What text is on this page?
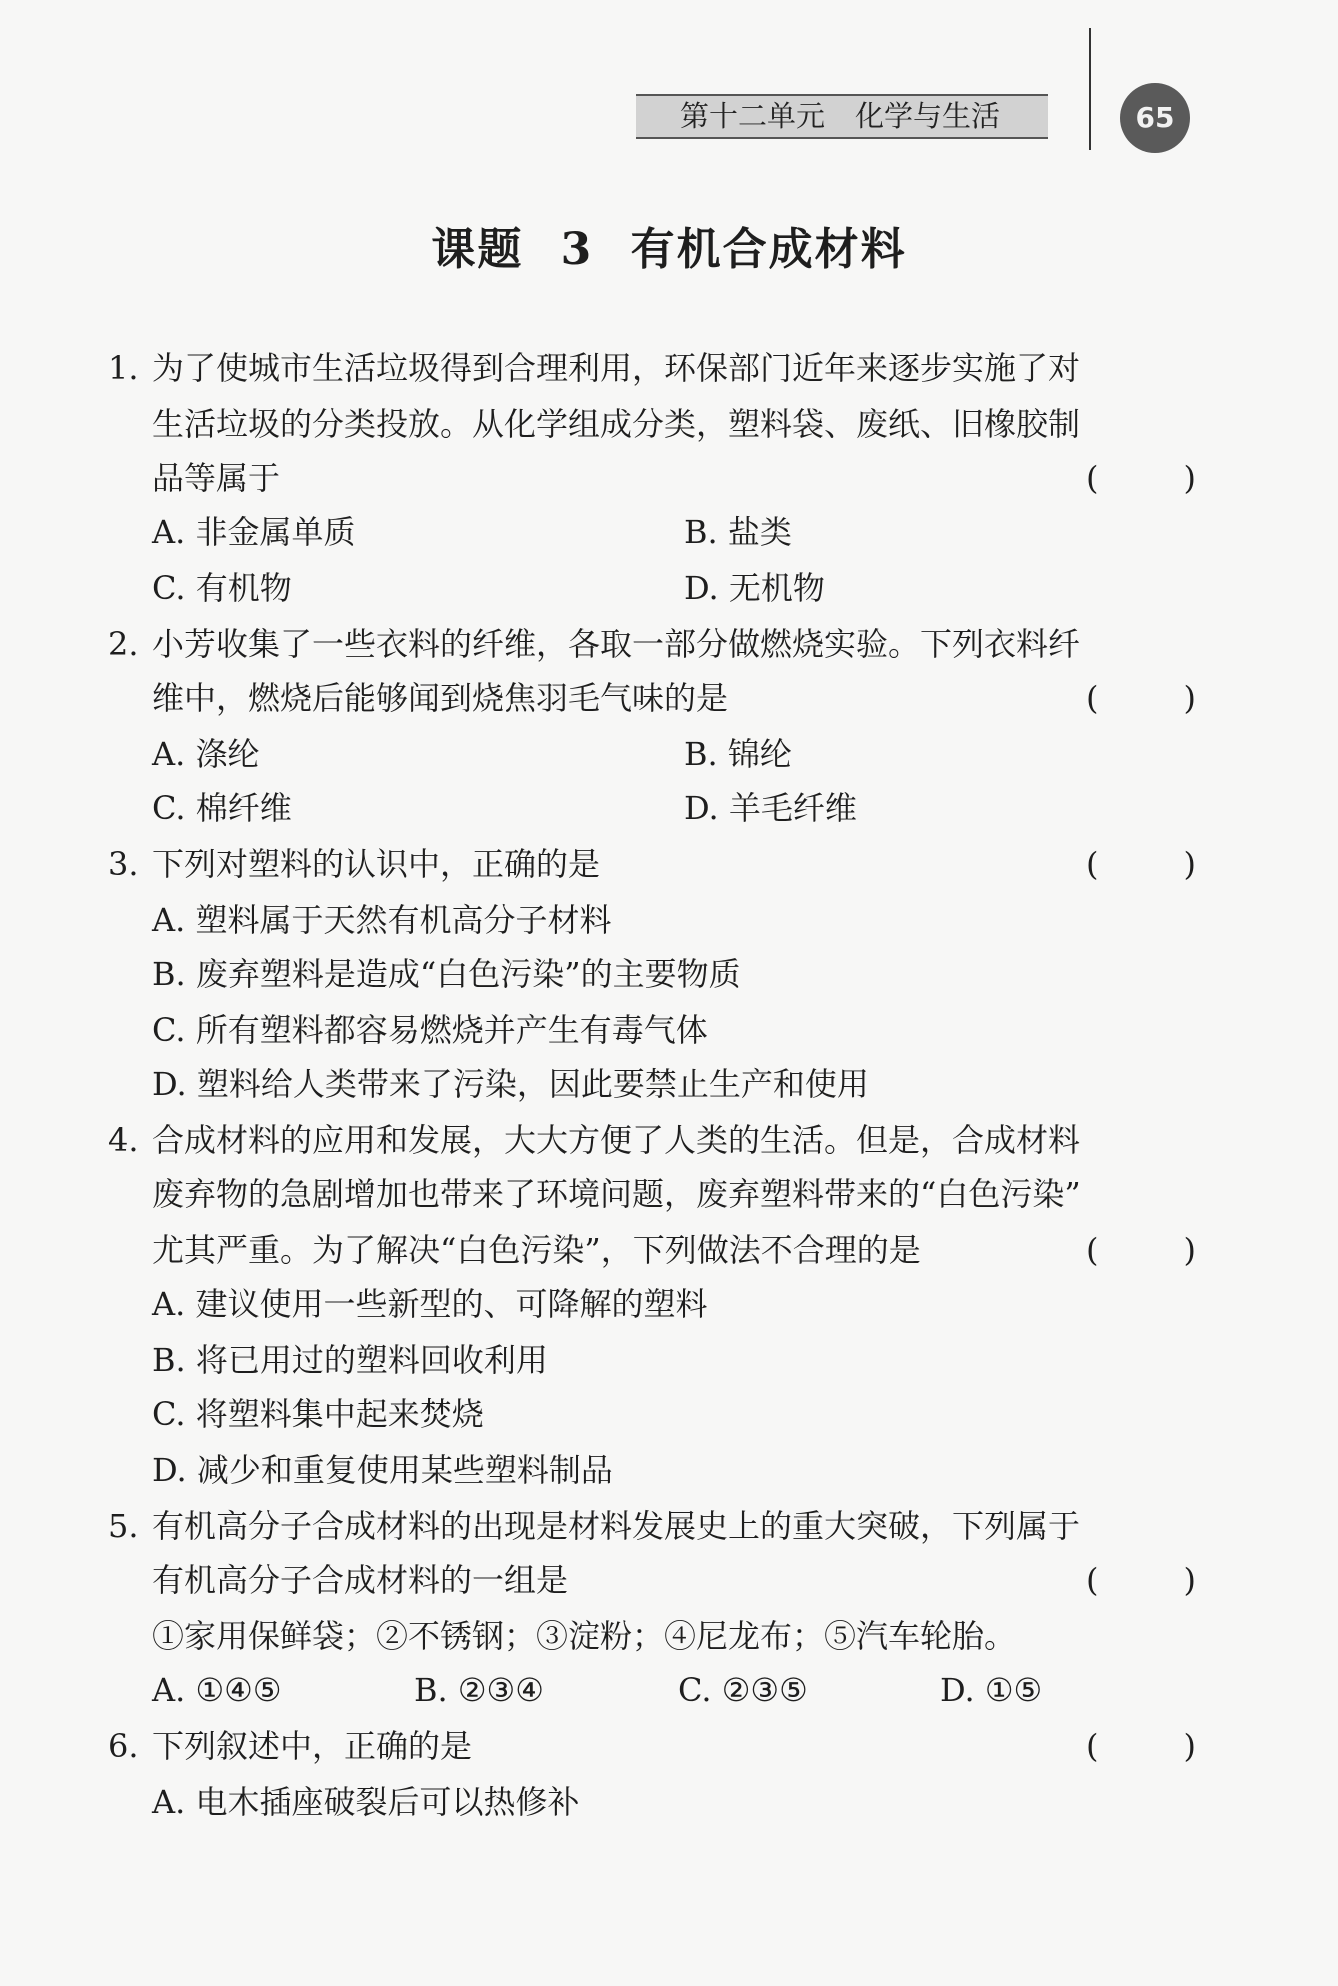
第十二单元 化学与生活	65
课题 3 有机合成材料
1. 为了使城市生活垃圾得到合理利用，环保部门近年来逐步实施了对
生活垃圾的分类投放。从化学组成分类，塑料袋、废纸、旧橡胶制
品等属于	(	)
A. 非金属单质	B. 盐类
C. 有机物	D. 无机物
2. 小芳收集了一些衣料的纤维，各取一部分做燃烧实验。下列衣料纤
维中，燃烧后能够闻到烧焦羽毛气味的是	(	)
A. 涤纶	B. 锦纶
C. 棉纤维	D. 羊毛纤维
3. 下列对塑料的认识中，正确的是	(	)
A. 塑料属于天然有机高分子材料
B. 废弃塑料是造成“白色污染”的主要物质
C. 所有塑料都容易燃烧并产生有毒气体
D. 塑料给人类带来了污染，因此要禁止生产和使用
4. 合成材料的应用和发展，大大方便了人类的生活。但是，合成材料
废弃物的急剧增加也带来了环境问题，废弃塑料带来的“白色污染”
尤其严重。为了解决“白色污染”，下列做法不合理的是	(	)
A. 建议使用一些新型的、可降解的塑料
B. 将已用过的塑料回收利用
C. 将塑料集中起来焚烧
D. 减少和重复使用某些塑料制品
5. 有机高分子合成材料的出现是材料发展史上的重大突破，下列属于
有机高分子合成材料的一组是	(	)
①家用保鲜袋；②不锈钢；③淀粉；④尼龙布；⑤汽车轮胎。
A. ①④⑤	B. ②③④	C. ②③⑤	D. ①⑤
6. 下列叙述中，正确的是	(	)
A. 电木插座破裂后可以热修补
